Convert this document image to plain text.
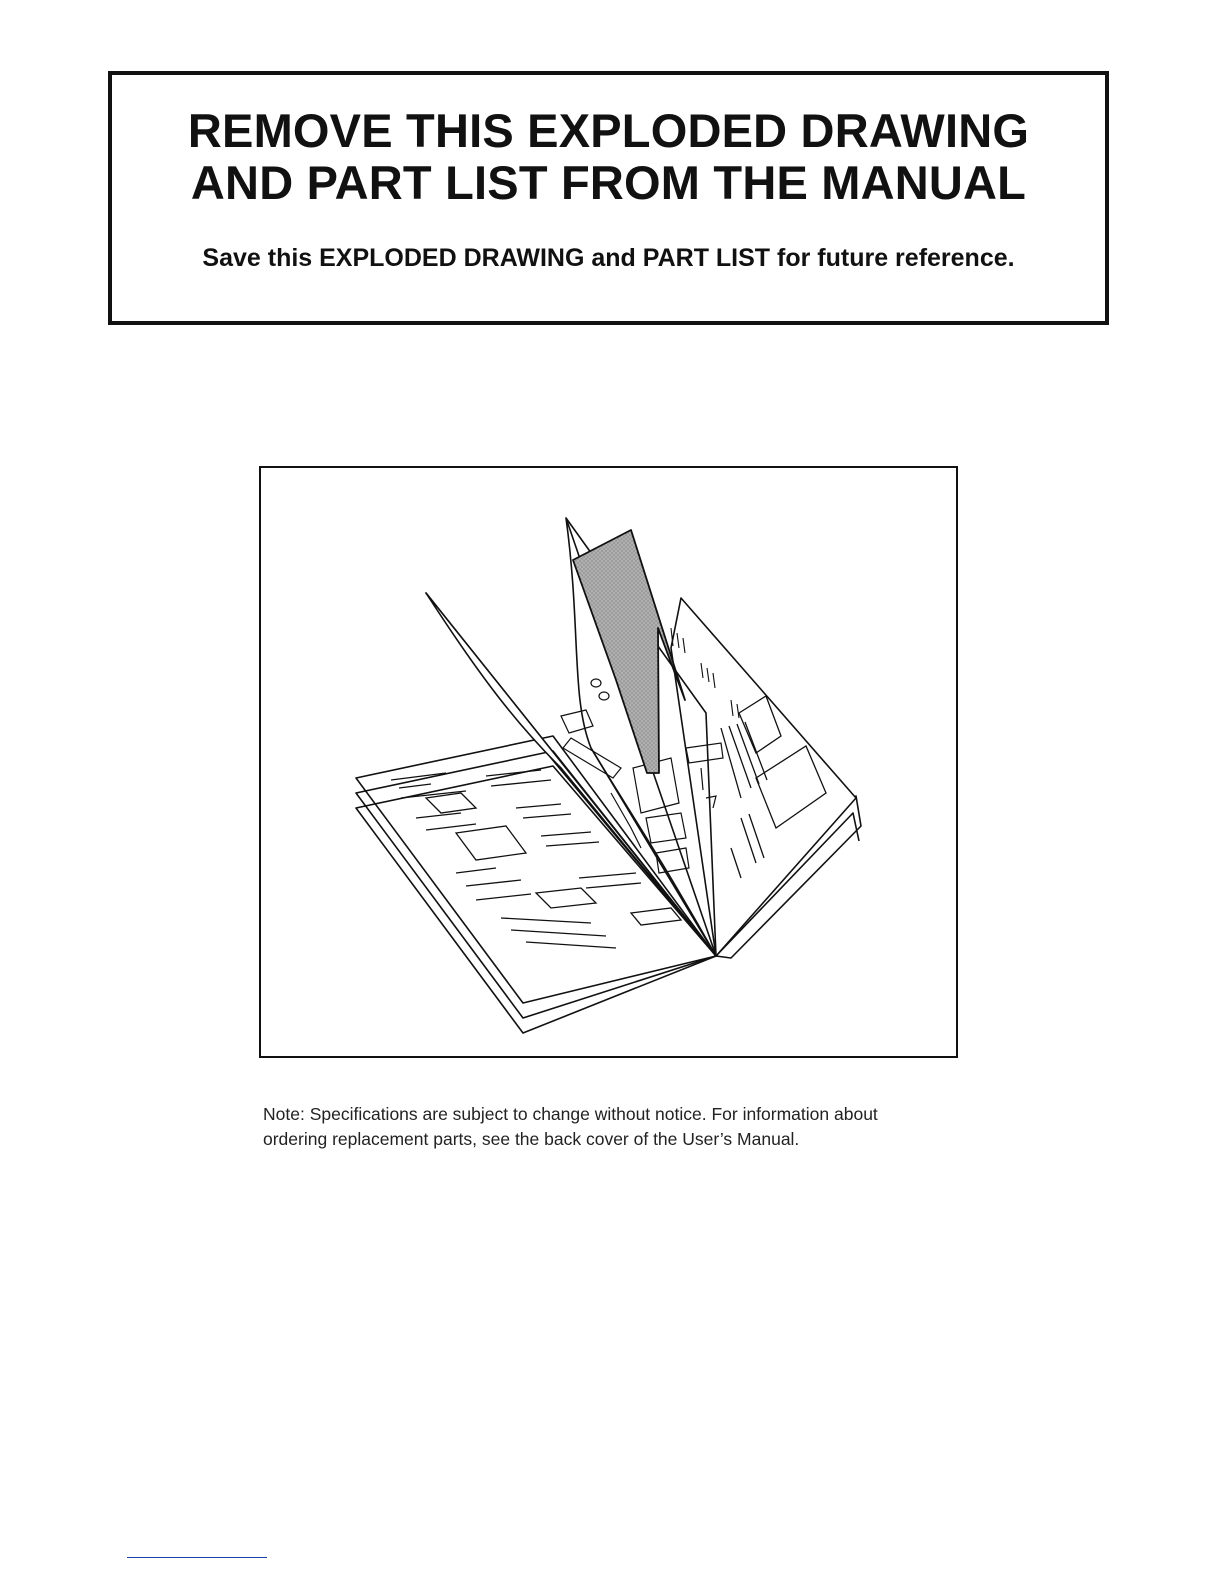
REMOVE THIS EXPLODED DRAWING
AND PART LIST FROM THE MANUAL
Save this EXPLODED DRAWING and PART LIST for future reference.
Note: Specifications are subject to change without notice. For information about
ordering replacement parts, see the back cover of the User’s Manual.
